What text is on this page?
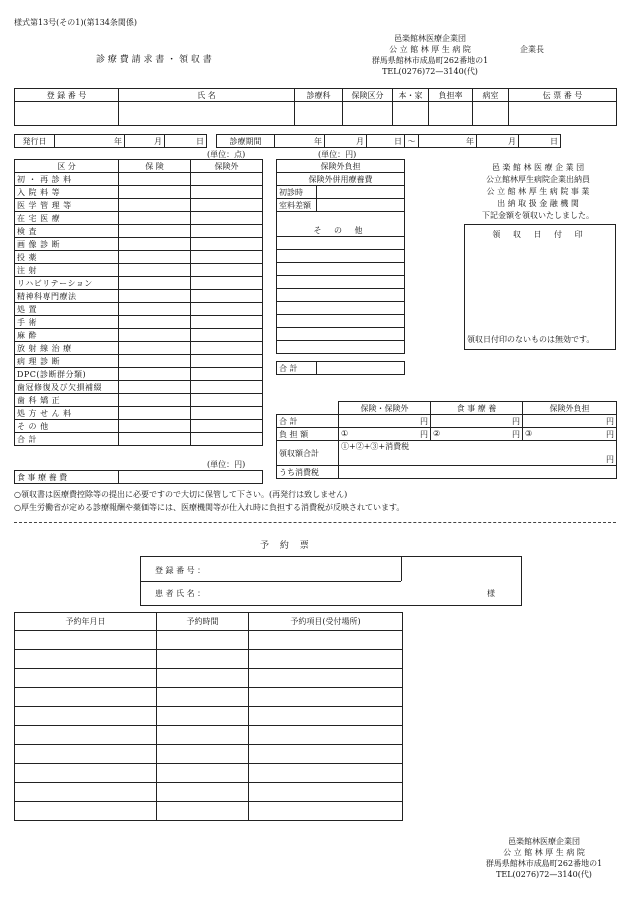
様式第13号(その1)(第134条関係)
診 療 費 請 求 書 ・ 領 収 書
邑楽館林医療企業団
公 立 館 林 厚 生 病 院
群馬県館林市成島町262番地の1
TEL(0276)72—3140(代)
企業長
登 録 番 号	氏 名	診療科	保険区分	本・家	負担率	病室	伝 票 番 号

発行日	年	月	日	診療期間	年	月	日	～	年	月	日
(単位：点)	(単位：円)
区 分	保 険	保険外
初 ・ 再 診 料		
入 院 料 等		
医 学 管 理 等		
在 宅 医 療		
検 査		
画 像 診 断		
投 薬		
注 射		
リハビリテーション		
精神科専門療法		
処 置		
手 術		
麻 酔		
放 射 線 治 療		
病 理 診 断		
DPC(診断群分類)		
歯冠修復及び欠損補綴		
歯 科 矯 正		
処 方 せ ん 料		
そ の 他		
合 計		
(単位：円)
食 事 療 養 費	
保険外負担	
保険外併用療養費	
初診時	
室料差額	

そ の 他	

合 計	
邑 楽 館 林 医 療 企 業 団
公立館林厚生病院企業出納員
公 立 館 林 厚 生 病 院 事 業
出 納 取 扱 金 融 機 関
下記金額を領収いたしました。
領 収 日 付 印
領収日付印のないものは無効です。
	保険・保険外	食 事 療 養	保険外負担
合 計	円	円	円
負 担 額	① 円	② 円	③ 円

領収額合計	①+②+③+消費税
円		

うち消費税			
○領収書は医療費控除等の提出に必要ですので大切に保管して下さい。(再発行は致しません)
○厚生労働省が定める診療報酬や薬価等には、医療機関等が仕入れ時に負担する消費税が反映されています。
予 約 票
登 録 番 号 ：
患 者 氏 名 ：	様
予約年月日	予約時間	予約項目(受付場所)

邑楽館林医療企業団
公 立 館 林 厚 生 病 院
群馬県館林市成島町262番地の1
TEL(0276)72—3140(代)
